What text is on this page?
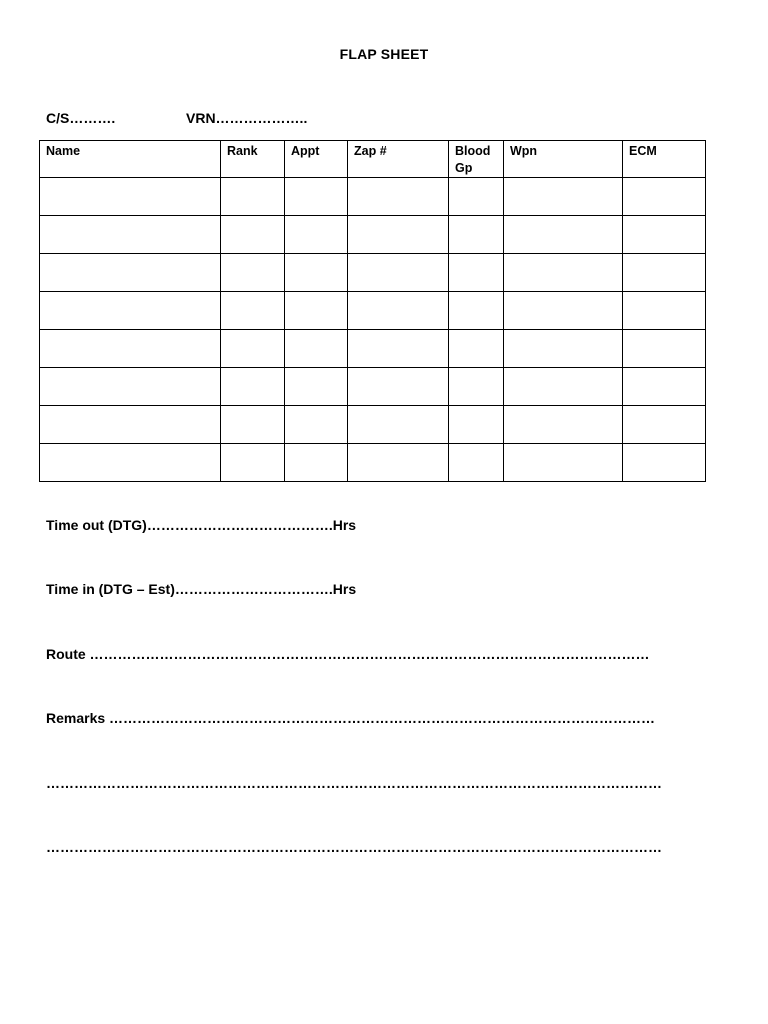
FLAP SHEET
C/S……….	VRN………………..
Name	Rank	Appt	Zap #	Blood Gp	Wpn	ECM

Time out (DTG)………………………………….Hrs
Time in (DTG – Est)…………………………….Hrs
Route …………………………………………………………………………………………………………
Remarks ………………………………………………………………………………………………………
……………………………………………………………………………………………………………………
……………………………………………………………………………………………………………………
